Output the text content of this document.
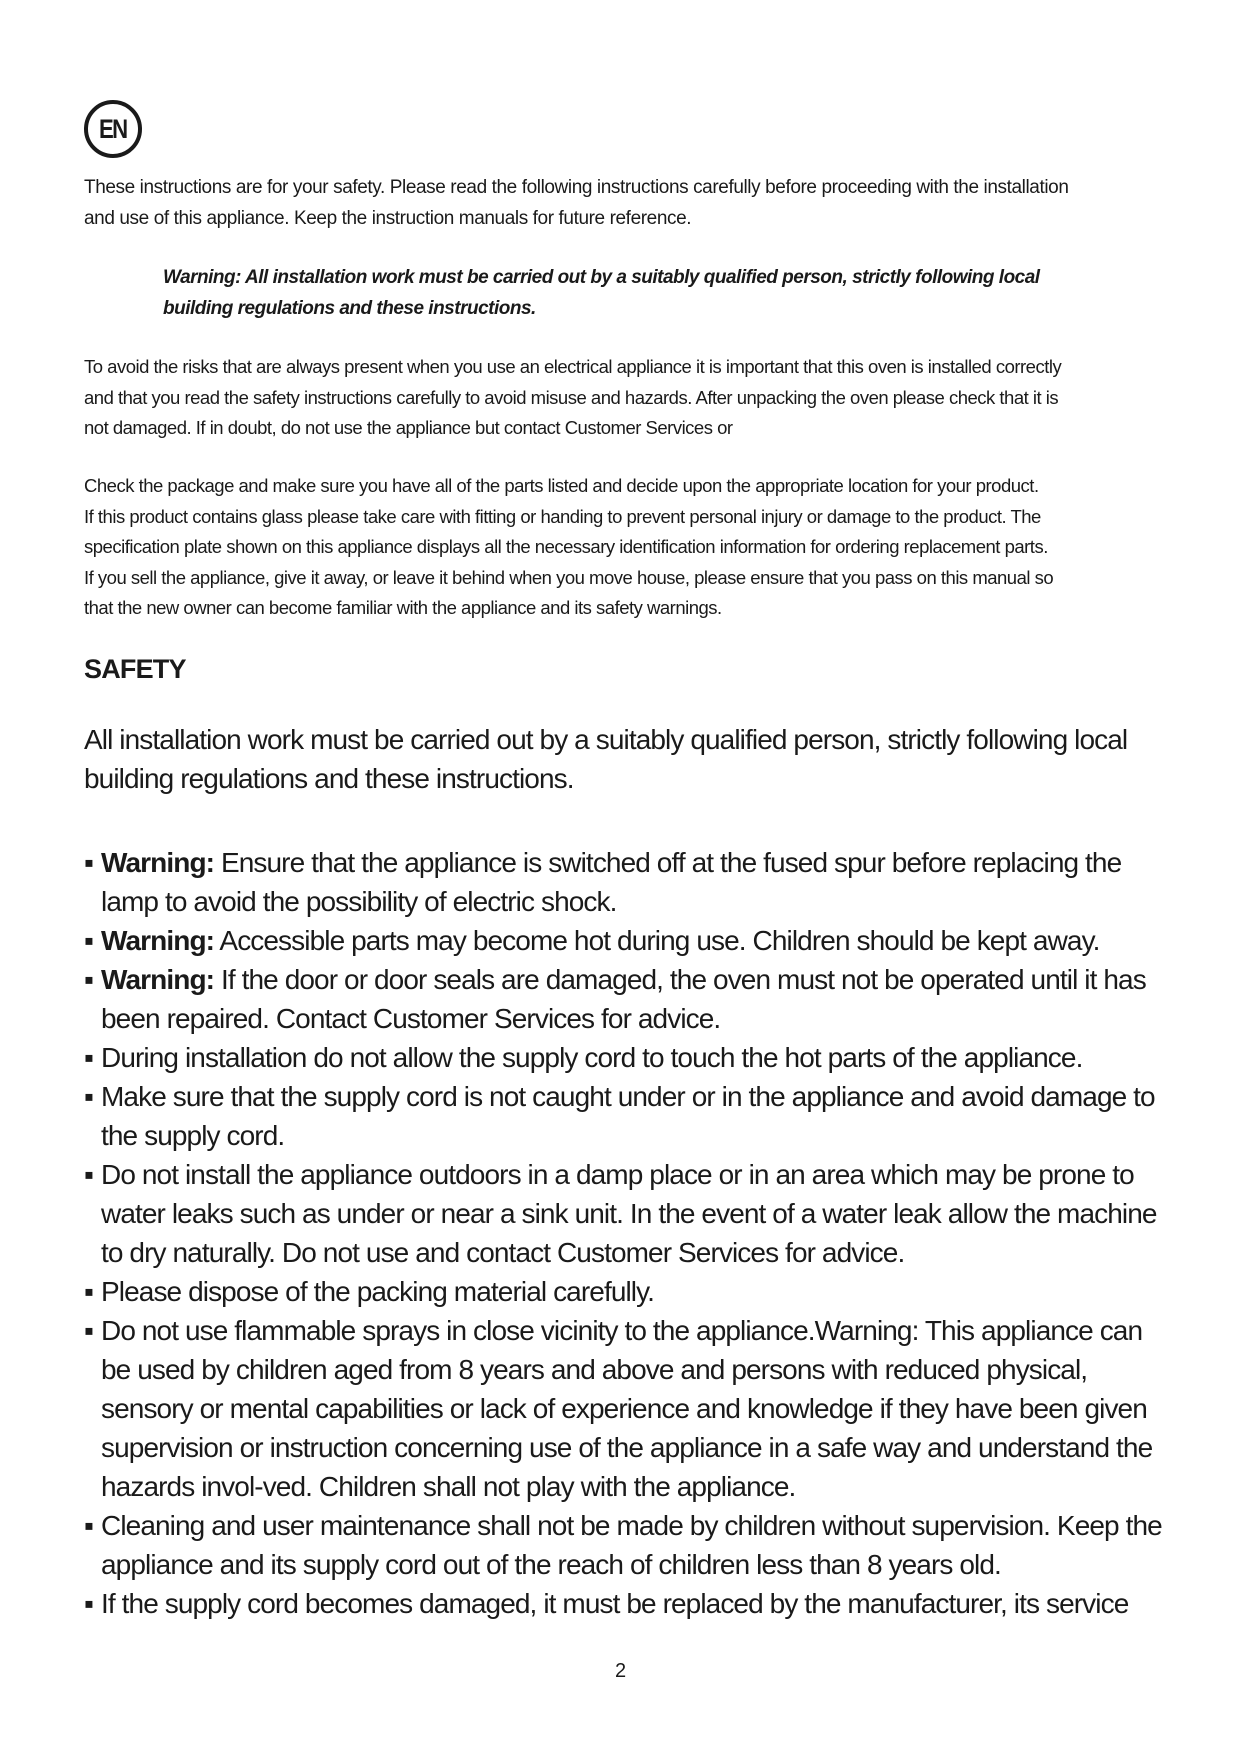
EN

These instructions are for your safety. Please read the following instructions carefully before proceeding with the installation

and use of this appliance. Keep the instruction manuals for future reference.

Warning: All installation work must be carried out by a suitably qualified person, strictly following local
building regulations and these instructions.

To avoid the risks that are always present when you use an electrical appliance it is important that this oven is installed correctly

and that you read the safety instructions carefully to avoid misuse and hazards. After unpacking the oven please check that it is

not damaged. If in doubt, do not use the appliance but contact Customer Services or

Check the package and make sure you have all of the parts listed and decide upon the appropriate location for your product.

If this product contains glass please take care with fitting or handing to prevent personal injury or damage to the product. The

specification plate shown on this appliance displays all the necessary identification information for ordering replacement parts.

If you sell the appliance, give it away, or leave it behind when you move house, please ensure that you pass on this manual so

that the new owner can become familiar with the appliance and its safety warnings.

SAFETY
All installation work must be carried out by a suitably qualified person, strictly following local building regulations and these instructions.
▪ Warning: Ensure that the appliance is switched off at the fused spur before replacing the lamp to avoid the possibility of electric shock.
▪ Warning: Accessible parts may become hot during use. Children should be kept away.
▪ Warning: If the door or door seals are damaged, the oven must not be operated until it has been repaired. Contact Customer Services for advice.
▪ During installation do not allow the supply cord to touch the hot parts of the appliance.
▪ Make sure that the supply cord is not caught under or in the appliance and avoid damage to the supply cord.
▪ Do not install the appliance outdoors in a damp place or in an area which may be prone to water leaks such as under or near a sink unit. In the event of a water leak allow the machine to dry naturally. Do not use and contact Customer Services for advice.
▪ Please dispose of the packing material carefully.
▪ Do not use flammable sprays in close vicinity to the appliance.Warning: This appliance can be used by children aged from 8 years and above and persons with reduced physical, sensory or mental capabilities or lack of experience and knowledge if they have been given supervision or instruction concerning use of the appliance in a safe way and understand the hazards invol-ved. Children shall not play with the appliance.
▪ Cleaning and user maintenance shall not be made by children without supervision. Keep the appliance and its supply cord out of the reach of children less than 8 years old.
▪ If the supply cord becomes damaged, it must be replaced by the manufacturer, its service
2
